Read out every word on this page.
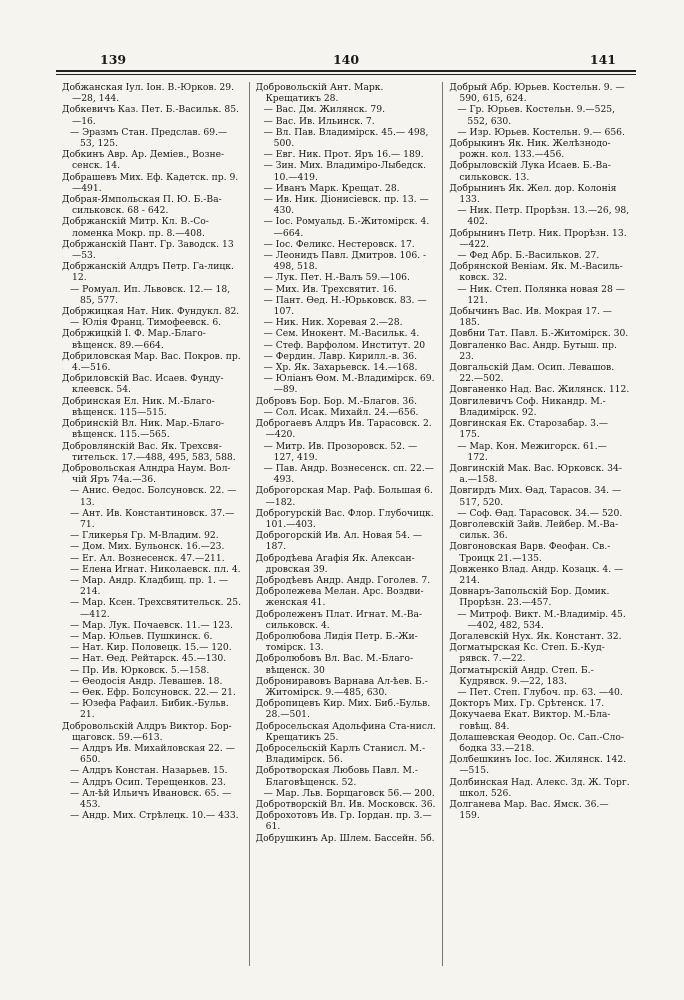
139	140	141

Добжанская Iул. Iон. В.-Юрков. 29.—28, 144.

Добкевичъ Каз. Пет. Б.-Васильк. 85.—16.

— Эразмъ Стан. Предслав. 69.— 53, 125.

Добкинъ Авр. Ар. Деміев., Возне-сенск. 14.

Добрашевъ Мих. Еф. Кадетск. пр. 9.—491.

Добрая-Ямпольская П. Ю. Б.-Ва-сильковск. 68 - 642.

Добржанскій Митр. Кл. В.-Со-ломенка Мокр. пр. 8.—408.

Добржанскій Пант. Гр. Заводск. 13—53.

Добржанскій Алдръ Петр. Га-лицк. 12.

— Ромуал. Ип. Львовск. 12.— 18, 85, 577.

Добржицкая Нат. Ник. Фундукл. 82.

— Юлія Франц. Тимофеевск. 6.

Добржицкій І. Ф. Мар.-Благо-вѣщенск. 89.—664.

Добриловская Мар. Вас. Покров. пр. 4.—516.

Добриловскій Вас. Исаев. Фунду-клеевск. 54.

Добринская Ел. Ник. М.-Благо-вѣщенск. 115—515.

Добринскій Вл. Ник. Мар.-Благо-вѣщенск. 115.—565.

Добровлянскій Вас. Як. Трехсвя-тительск. 17.—488, 495, 583, 588.

Добровольская Алндра Наум. Вол-чій Яръ 74а.—36.

— Анис. Ѳедос. Болсуновск. 22. —13.

— Ант. Ив. Константиновск. 37.—71.

— Гликерья Гр. М-Владим. 92.

— Дом. Мих. Бульонск. 16.—23.

— Ег. Ал. Вознесенск. 47.—211.

— Елена Игнат. Николаевск. пл. 4.

— Мар. Андр. Кладбищ. пр. 1. —214.

— Мар. Ксен. Трехсвятительск. 25.—412.

— Мар. Лук. Почаевск. 11.— 123.

— Мар. Юльев. Пушкинск. 6.

— Нат. Кир. Половецк. 15.— 120.

— Нат. Ѳед. Рейтарск. 45.—130.

— Пр. Ив. Юрковск. 5.—158.

— Ѳеодосія Андр. Левашев. 18.

— Ѳек. Ефр. Болсуновск. 22.— 21.

— Юзефа Рафаил. Бибик.-Бульв. 21.

Добровольскій Алдръ Виктор. Бор-щаговск. 59.—613.

— Алдръ Ив. Михайловская 22. —650.

— Алдръ Констан. Назарьев. 15.

— Алдръ Осип. Терещенков. 23.

— Ал-ѣй Ильичъ Ивановск. 65. —453.

— Андр. Мих. Стрѣлецк. 10.— 433.

Добровольскій Ант. Марк. Крещатикъ 28.

— Вас. Дм. Жилянск. 79.

— Вас. Ив. Ильинск. 7.

— Вл. Пав. Владимірск. 45.— 498, 500.

— Евг. Ник. Прот. Яръ 16.— 189.

— Зин. Мих. Владиміро-Лыбедск. 10.—419.

— Иванъ Марк. Крещат. 28.

— Ив. Ник. Діонисіевск. пр. 13. —430.

— Іос. Ромуальд. Б.-Житомірск. 4.—664.

— Іос. Феликс. Нестеровск. 17.

— Леонидъ Павл. Дмитров. 106. - 498, 518.

— Лук. Пет. Н.-Валъ 59.—106.

— Мих. Ив. Трехсвятит. 16.

— Пант. Ѳед. Н.-Юрьковск. 83. —107.

— Ник. Ник. Хоревая 2.—28.

— Сем. Инокент. М.-Васильк. 4.

— Стеф. Варфолом. Институт. 20

— Фердин. Лавр. Кирилл.-в. 36.

— Хр. Як. Захарьевск. 14.—168.

— Юліанъ Ѳом. М.-Владимірск. 69.—89.

Добровъ Бор. Бор. М.-Благов. 36.

— Сол. Исак. Михайл. 24.—656.

Доброгаевъ Алдръ Ив. Тарасовск. 2.—420.

— Митр. Ив. Прозоровск. 52. —127, 419.

— Пав. Андр. Вознесенск. сп. 22.—493.

Доброгорская Мар. Раф. Большая 6.—182.

Доброгурскій Вас. Флор. Глубочицк. 101.—403.

Доброгорскій Ив. Ал. Новая 54. —187.

Добродѣева Агафія Як. Алексан-дровская 39.

Добродѣевъ Андр. Андр. Гоголев. 7.

Добролежева Мелан. Арс. Воздви-женская 41.

Добролеженъ Плат. Игнат. М.-Ва-сильковск. 4.

Добролюбова Лидія Петр. Б.-Жи-томірск. 13.

Добролюбовъ Вл. Вас. М.-Благо-вѣщенск. 30

Доброниравовъ Варнава Ал-ѣев. Б.-Житомірск. 9.—485, 630.

Добропицевъ Кир. Мих. Биб.-Бульв. 28.—501.

Добросельская Адольфина Ста-нисл. Крещатикъ 25.

Добросельскій Карлъ Станисл. М.-Владимірск. 56.

Добротворская Любовь Павл. М.-Благовѣщенск. 52.

— Мар. Льв. Борщаговск 56.— 200.

Добротворскій Вл. Ив. Московск. 36.

Доброхотовъ Ив. Гр. Іордан. пр. 3.—61.

Добрушкинъ Ар. Шлем. Бассейн. 5б.

Добрый Абр. Юрьев. Костельн. 9. —590, 615, 624.

— Гр. Юрьев. Костельн. 9.—525, 552, 630.

— Изр. Юрьев. Костельн. 9.— 656.

Добрыкинъ Як. Ник. Желѣзнодо-рожн. кол. 133.—456.

Добрыловскій Лука Исаев. Б.-Ва-сильковск. 13.

Добрынинъ Як. Жел. дор. Колонія 133.

— Ник. Петр. Прорѣзн. 13.—26, 98, 402.

Добрынинъ Петр. Ник. Прорѣзн. 13.—422.

— Фед Абр. Б.-Васильков. 27.

Добрянской Веніам. Як. М.-Василь-ковск. 32.

— Ник. Степ. Полянка новая 28 —121.

Добычинъ Вас. Ив. Мокрая 17. —185.

Довбни Тат. Павл. Б.-Житомірск. 30.

Довгаленко Вас. Андр. Бутыш. пр. 23.

Довгальскій Дам. Осип. Левашов. 22.—502.

Довганенко Над. Вас. Жилянск. 112.

Довгилевичъ Соф. Никандр. М.-Владимірск. 92.

Довгинская Ек. Старозабар. 3.— 175.

— Мар. Кон. Межигорск. 61.— 172.

Довгинскій Мак. Вас. Юрковск. 34-а.—158.

Довгирдъ Мих. Ѳад. Тарасов. 34. —517, 520.

— Соф. Ѳад. Тарасовск. 34.— 520.

Довголевскій Зайв. Лейбер. М.-Ва-сильк. 36.

Довгоновская Варв. Феофан. Св.-Троицк 21.—135.

Довженко Влад. Андр. Козацк. 4. —214.

Довнаръ-Запольскій Бор. Домик. Прорѣзн. 23.—457.

— Митроф. Викт. М.-Владимір. 45.—402, 482, 534.

Догалевскій Нух. Як. Констант. 32.

Догматырская Кс. Степ. Б.-Куд-рявск. 7.—22.

Догматырскій Андр. Степ. Б.-Кудрявск. 9.—22, 183.

— Пет. Степ. Глубоч. пр. 63. —40.

Докторъ Мих. Гр. Срѣтенск. 17.

Докучаева Екат. Виктор. М.-Бла-говѣщ. 84.

Долашевская Ѳеодор. Ос. Сап.-Сло-бодка 33.—218.

Долбешкинъ Іос. Іос. Жилянск. 142.—515.

Долбинская Над. Алекс. Зд. Ж. Торг. школ. 526.

Долганева Мар. Вас. Ямск. 36.— 159.
